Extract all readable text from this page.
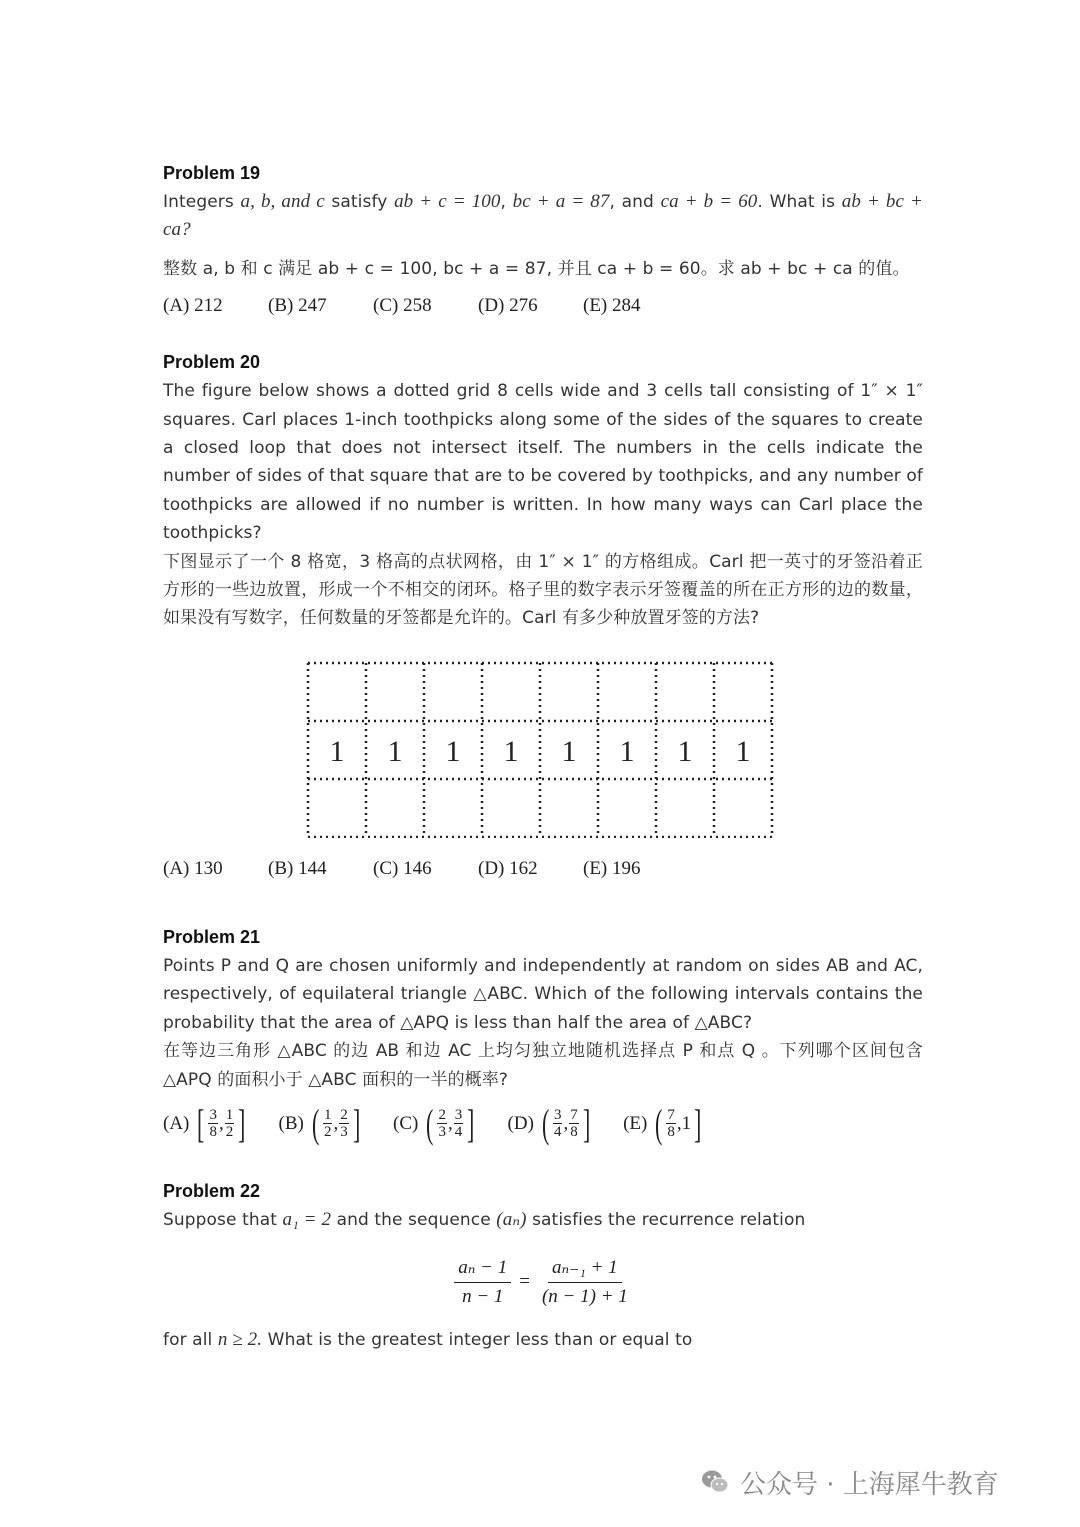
Problem 19
Integers a, b, and c satisfy ab + c = 100, bc + a = 87, and ca + b = 60. What is ab + bc + ca?
整数 a, b 和 c 满足 ab + c = 100, bc + a = 87, 并且 ca + b = 60。求 ab + bc + ca 的值。
(A) 212	(B) 247	(C) 258	(D) 276	(E) 284
Problem 20
The figure below shows a dotted grid 8 cells wide and 3 cells tall consisting of 1″ × 1″ squares. Carl places 1-inch toothpicks along some of the sides of the squares to create a closed loop that does not intersect itself. The numbers in the cells indicate the number of sides of that square that are to be covered by toothpicks, and any number of toothpicks are allowed if no number is written. In how many ways can Carl place the toothpicks?
下图显示了一个 8 格宽，3 格高的点状网格，由 1″ × 1″ 的方格组成。Carl 把一英寸的牙签沿着正方形的一些边放置，形成一个不相交的闭环。格子里的数字表示牙签覆盖的所在正方形的边的数量，如果没有写数字，任何数量的牙签都是允许的。Carl 有多少种放置牙签的方法?
1 1 1 1 1 1 1 1
(A) 130	(B) 144	(C) 146	(D) 162	(E) 196
Problem 21
Points P and Q are chosen uniformly and independently at random on sides AB and AC, respectively, of equilateral triangle △ABC. Which of the following intervals contains the probability that the area of △APQ is less than half the area of △ABC?
在等边三角形 △ABC 的边 AB 和边 AC 上均匀独立地随机选择点 P 和点 Q 。下列哪个区间包含 △APQ 的面积小于 △ABC 面积的一半的概率?
(A)
[ $\frac{3}{8}$ , $\frac{1}{2}$ ] (B)
( $\frac{1}{2}$ , $\frac{2}{3}$ ] (C)
( $\frac{2}{3}$ , $\frac{3}{4}$ ] (D)
( $\frac{3}{4}$ , $\frac{7}{8}$ ] (E)
( $\frac{7}{8}$ , 1 ]
Problem 22
Suppose that a₁ = 2 and the sequence (aₙ) satisfies the recurrence relation
$\frac{\text{aₙ − 1}}{n - 1} = \frac{\text{aₙ₋₁ + 1}}{(n - 1) + 1}$
for all n ≥ 2. What is the greatest integer less than or equal to
公众号 · 上海犀牛教育
